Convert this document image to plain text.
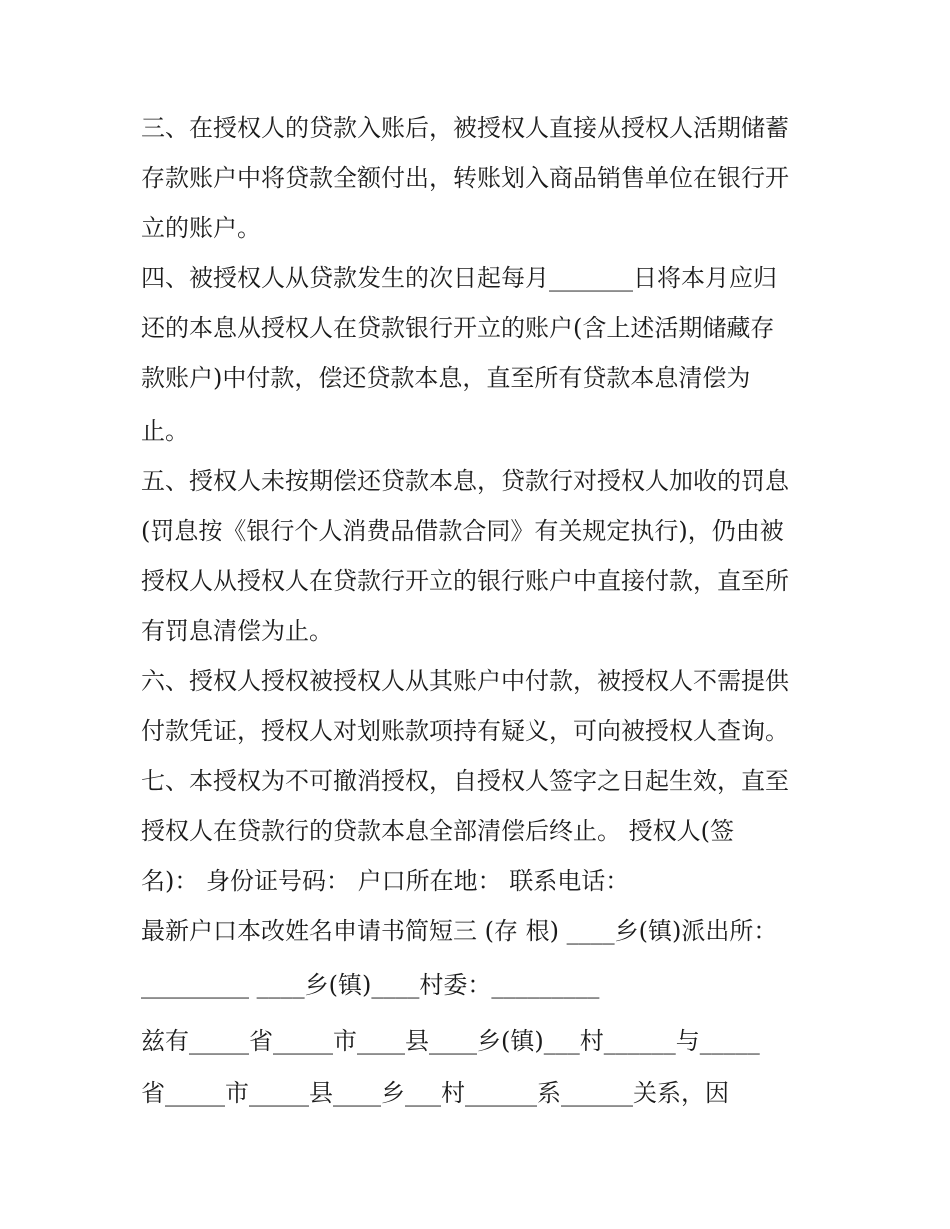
三、在授权人的贷款入账后，被授权人直接从授权人活期储蓄
存款账户中将贷款全额付出，转账划入商品销售单位在银行开
立的账户。
四、被授权人从贷款发生的次日起每月_______日将本月应归
还的本息从授权人在贷款银行开立的账户(含上述活期储藏存
款账户)中付款，偿还贷款本息，直至所有贷款本息清偿为
止。
五、授权人未按期偿还贷款本息，贷款行对授权人加收的罚息
(罚息按《银行个人消费品借款合同》有关规定执行)，仍由被
授权人从授权人在贷款行开立的银行账户中直接付款，直至所
有罚息清偿为止。
六、授权人授权被授权人从其账户中付款，被授权人不需提供
付款凭证，授权人对划账款项持有疑义，可向被授权人查询。
七、本授权为不可撤消授权，自授权人签字之日起生效，直至
授权人在贷款行的贷款本息全部清偿后终止。 授权人(签
名)： 身份证号码： 户口所在地： 联系电话：
最新户口本改姓名申请书简短三 (存 根) ____乡(镇)派出所：
_________ ____乡(镇)____村委：_________
兹有_____省_____市____县____乡(镇)___村______与_____
省_____市_____县____乡___村______系______关系，因
